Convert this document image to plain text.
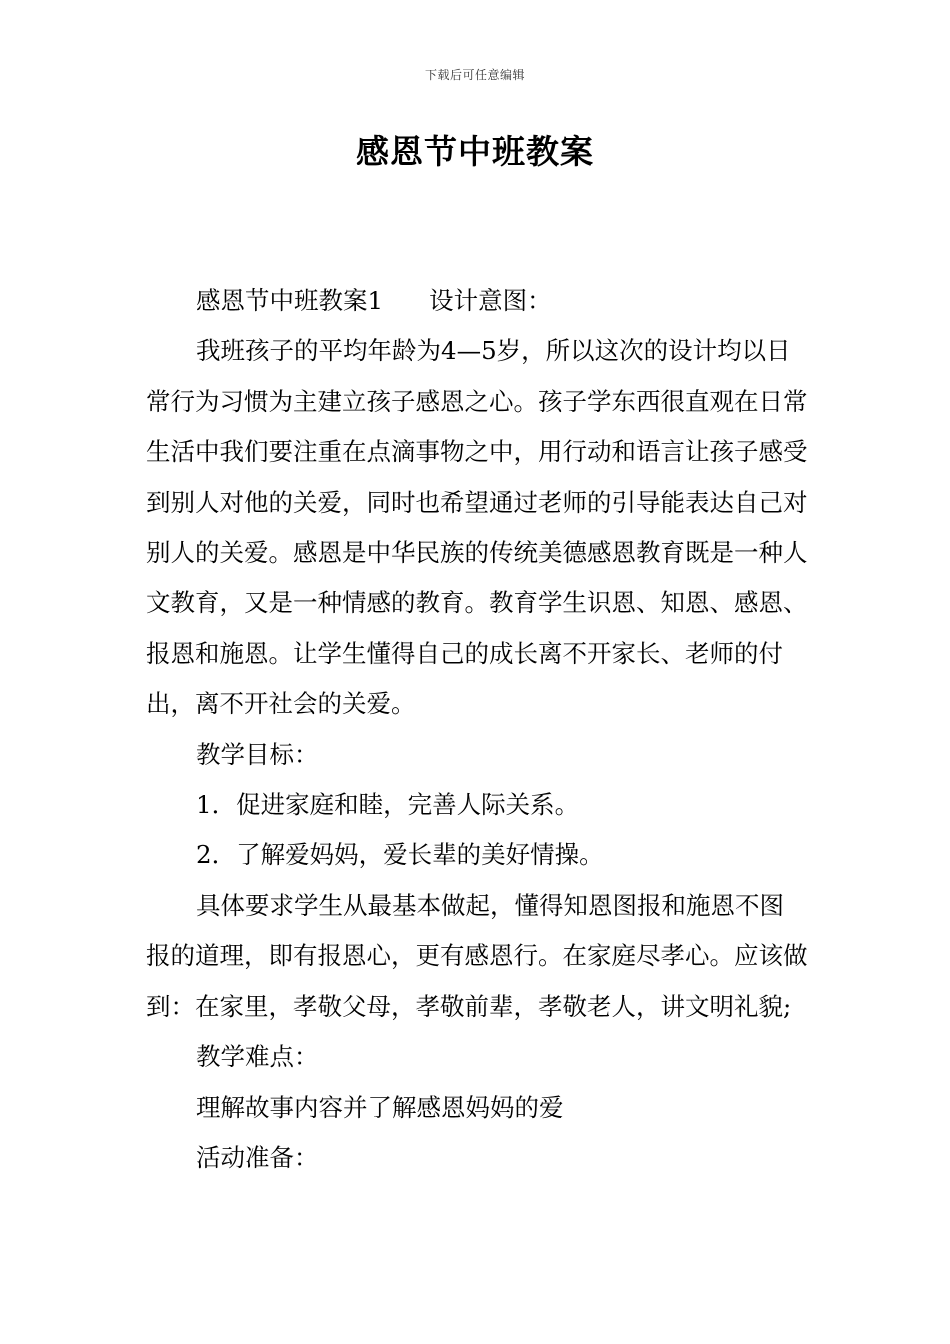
下载后可任意编辑
感恩节中班教案

感恩节中班教案1 设计意图：

我班孩子的平均年龄为4—5岁，所以这次的设计均以日常行为习惯为主建立孩子感恩之心。孩子学东西很直观在日常生活中我们要注重在点滴事物之中，用行动和语言让孩子感受到别人对他的关爱，同时也希望通过老师的引导能表达自己对别人的关爱。感恩是中华民族的传统美德感恩教育既是一种人文教育，又是一种情感的教育。教育学生识恩、知恩、感恩、报恩和施恩。让学生懂得自己的成长离不开家长、老师的付出，离不开社会的关爱。

教学目标：

1．促进家庭和睦，完善人际关系。

2．了解爱妈妈，爱长辈的美好情操。

具体要求学生从最基本做起，懂得知恩图报和施恩不图报的道理，即有报恩心，更有感恩行。在家庭尽孝心。应该做到：在家里，孝敬父母，孝敬前辈，孝敬老人，讲文明礼貌;

教学难点：

理解故事内容并了解感恩妈妈的爱

活动准备：
